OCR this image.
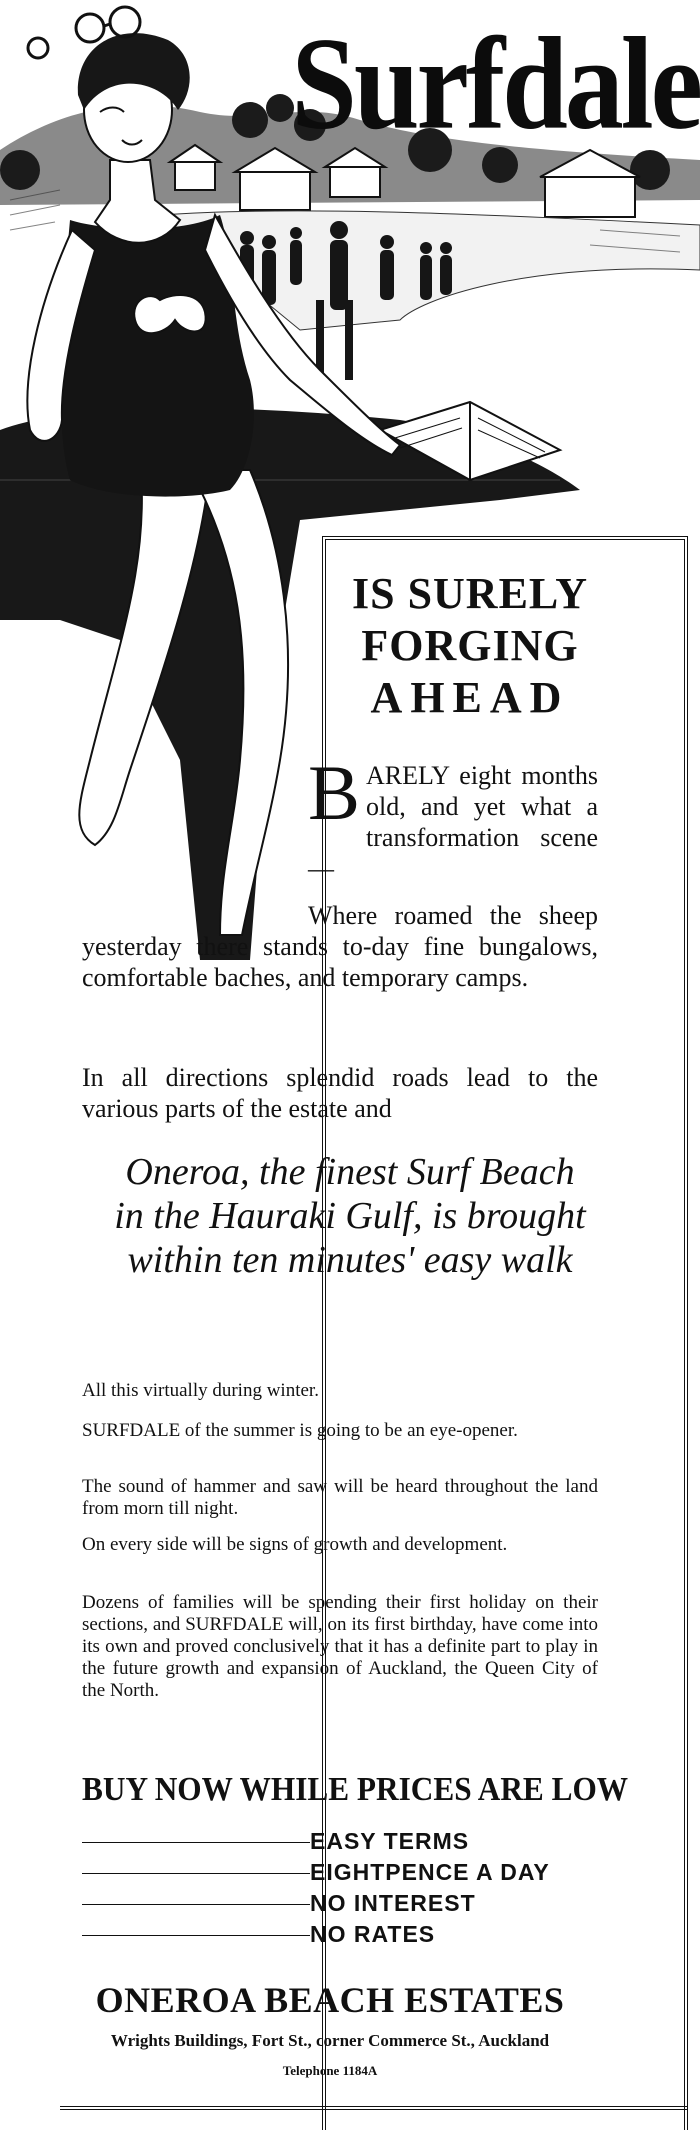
Surfdale
IS SURELY
FORGING
AHEAD
BARELY eight months old, and yet what a transformation scene—
Where roamed the sheep yesterday there stands to-day fine bungalows, comfortable baches, and temporary camps.
In all directions splendid roads lead to the various parts of the estate and
Oneroa, the finest Surf Beach in the Hauraki Gulf, is brought within ten minutes' easy walk
All this virtually during winter.
SURFDALE of the summer is going to be an eye-opener.
The sound of hammer and saw will be heard throughout the land from morn till night.
On every side will be signs of growth and development.
Dozens of families will be spending their first holiday on their sections, and SURFDALE will, on its first birthday, have come into its own and proved conclusively that it has a definite part to play in the future growth and expansion of Auckland, the Queen City of the North.
BUY NOW WHILE PRICES ARE LOW
EASY TERMS
EIGHTPENCE A DAY
NO INTEREST
NO RATES
ONEROA BEACH ESTATES
Wrights Buildings, Fort St., corner Commerce St., Auckland
Telephone 1184A
